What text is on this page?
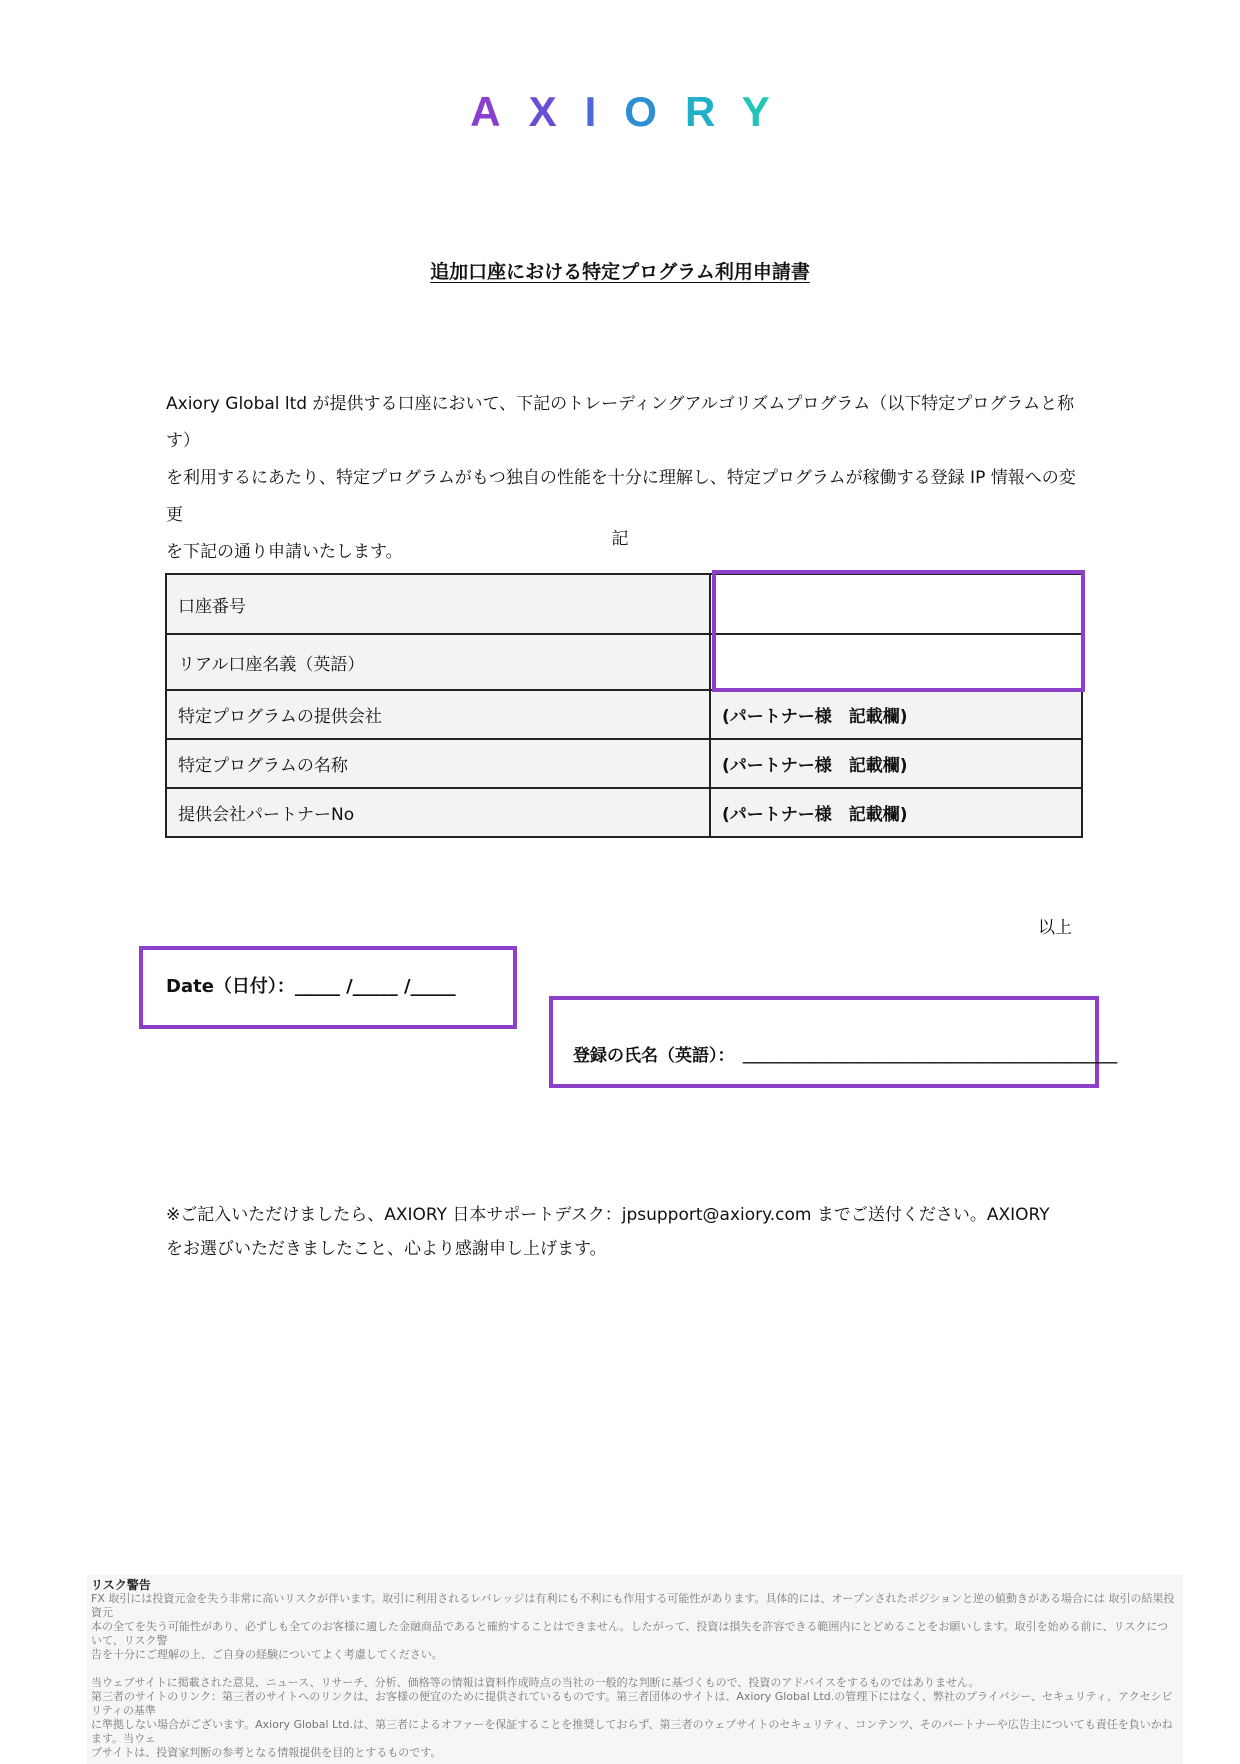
AXIORY
追加口座における特定プログラム利用申請書

Axiory Global ltd が提供する口座において、下記のトレーディングアルゴリズムプログラム（以下特定プログラムと称す）

を利用するにあたり、特定プログラムがもつ独自の性能を十分に理解し、特定プログラムが稼働する登録 IP 情報への変更

を下記の通り申請いたします。

記
口座番号	
リアル口座名義（英語）	
特定プログラムの提供会社	(パートナー様　記載欄)
特定プログラムの名称	(パートナー様　記載欄)
提供会社パートナーNo	(パートナー様　記載欄)
以上
Date（日付）：_____ /_____ /_____
登録の氏名（英語）：　＿＿＿＿＿＿＿＿＿＿＿＿＿＿＿＿＿＿＿＿＿＿

※ご記入いただけましたら、AXIORY 日本サポートデスク：jpsupport@axiory.com までご送付ください。AXIORY

をお選びいただきましたこと、心より感謝申し上げます。

リスク警告

FX 取引には投資元金を失う非常に高いリスクが伴います。取引に利用されるレバレッジは有利にも不利にも作用する可能性があります。具体的には、オープンされたポジションと逆の値動きがある場合には 取引の結果投資元

本の全てを失う可能性があり、必ずしも全てのお客様に適した金融商品であると確約することはできません。したがって、投資は損失を許容できる範囲内にとどめることをお願いします。取引を始める前に、リスクについて、リスク警

告を十分にご理解の上、ご自身の経験についてよく考慮してください。

当ウェブサイトに掲載された意見、ニュース、リサーチ、分析、価格等の情報は資料作成時点の当社の一般的な判断に基づくもので、投資のアドバイスをするものではありません。

第三者のサイトのリンク：第三者のサイトへのリンクは、お客様の便宜のために提供されているものです。第三者団体のサイトは、Axiory Global Ltd.の管理下にはなく、弊社のプライバシー、セキュリティ、アクセシビリティの基準

に準拠しない場合がございます。Axiory Global Ltd.は、第三者によるオファーを保証することを推奨しておらず、第三者のウェブサイトのセキュリティ、コンテンツ、そのパートナーや広告主についても責任を負いかねます。当ウェ

ブサイトは、投資家判断の参考となる情報提供を目的とするものです。
